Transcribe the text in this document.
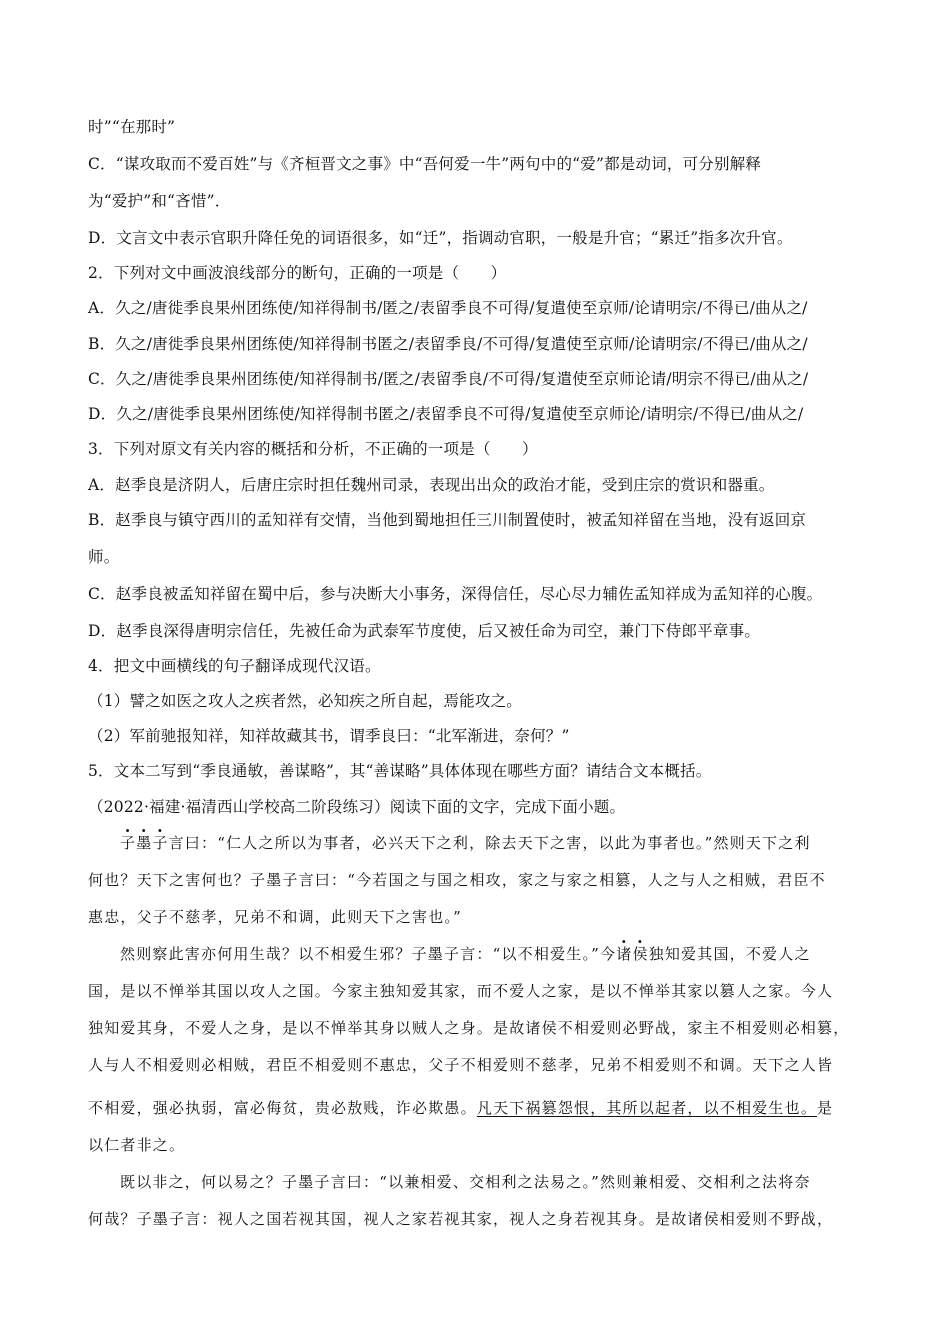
时”“在那时”
C．“谋攻取而不爱百姓”与《齐桓晋文之事》中“吾何爱一牛”两句中的“爱”都是动词，可分别解释
为“爱护”和“吝惜”．
D．文言文中表示官职升降任免的词语很多，如“迁”，指调动官职，一般是升官；“累迁”指多次升官。
2．下列对文中画波浪线部分的断句，正确的一项是（　　）
A．久之/唐徙季良果州团练使/知祥得制书/匿之/表留季良不可得/复遣使至京师/论请明宗/不得已/曲从之/
B．久之/唐徙季良果州团练使/知祥得制书匿之/表留季良/不可得/复遣使至京师/论请明宗/不得已/曲从之/
C．久之/唐徙季良果州团练使/知祥得制书/匿之/表留季良/不可得/复遣使至京师论请/明宗不得已/曲从之/
D．久之/唐徙季良果州团练使/知祥得制书匿之/表留季良不可得/复遣使至京师论/请明宗/不得已/曲从之/
3．下列对原文有关内容的概括和分析，不正确的一项是（　　）
A．赵季良是济阴人，后唐庄宗时担任魏州司录，表现出出众的政治才能，受到庄宗的赏识和器重。
B．赵季良与镇守西川的孟知祥有交情，当他到蜀地担任三川制置使时，被孟知祥留在当地，没有返回京
师。
C．赵季良被孟知祥留在蜀中后，参与决断大小事务，深得信任，尽心尽力辅佐孟知祥成为孟知祥的心腹。
D．赵季良深得唐明宗信任，先被任命为武泰军节度使，后又被任命为司空，兼门下侍郎平章事。
4．把文中画横线的句子翻译成现代汉语。
（1）譬之如医之攻人之疾者然，必知疾之所自起，焉能攻之。
（2）军前驰报知祥，知祥故藏其书，谓季良曰：“北军渐进，奈何？”
5．文本二写到“季良通敏，善谋略”，其“善谋略”具体体现在哪些方面？请结合文本概括。
（2022·福建·福清西山学校高二阶段练习）阅读下面的文字，完成下面小题。
子墨子言曰：“仁人之所以为事者，必兴天下之利，除去天下之害，以此为事者也。”然则天下之利
何也？天下之害何也？子墨子言曰：“今若国之与国之相攻，家之与家之相篡，人之与人之相贼，君臣不
惠忠，父子不慈孝，兄弟不和调，此则天下之害也。”
然则察此害亦何用生哉？以不相爱生邪？子墨子言：“以不相爱生。”今诸侯独知爱其国，不爱人之
国，是以不惮举其国以攻人之国。今家主独知爱其家，而不爱人之家，是以不惮举其家以篡人之家。今人
独知爱其身，不爱人之身，是以不惮举其身以贼人之身。是故诸侯不相爱则必野战，家主不相爱则必相篡，
人与人不相爱则必相贼，君臣不相爱则不惠忠，父子不相爱则不慈孝，兄弟不相爱则不和调。天下之人皆
不相爱，强必执弱，富必侮贫，贵必敖贱，诈必欺愚。凡天下祸篡怨恨，其所以起者，以不相爱生也。是
以仁者非之。
既以非之，何以易之？子墨子言曰：“以兼相爱、交相利之法易之。”然则兼相爱、交相利之法将奈
何哉？子墨子言：视人之国若视其国，视人之家若视其家，视人之身若视其身。是故诸侯相爱则不野战，
